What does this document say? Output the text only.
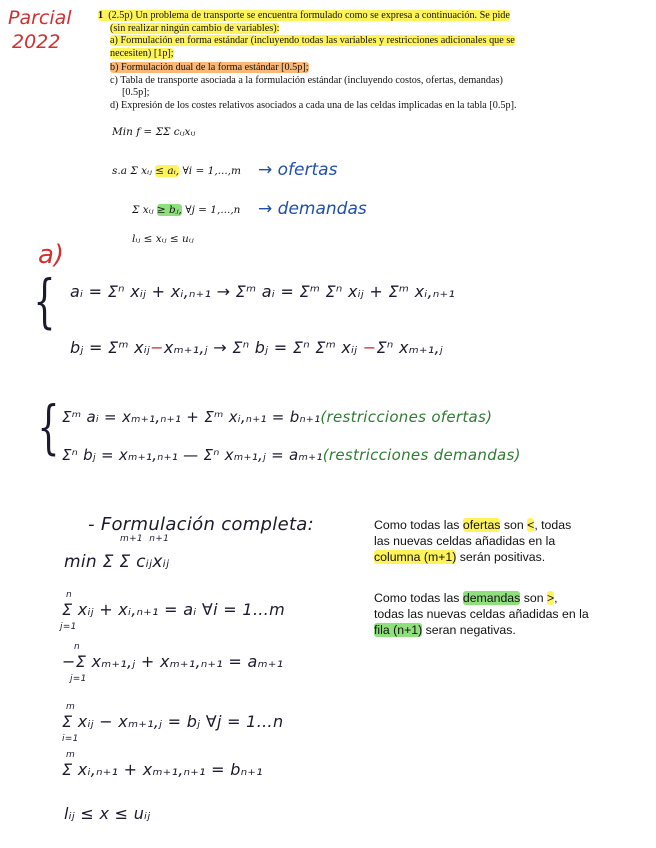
Parcial
2022
1 (2.5p) Un problema de transporte se encuentra formulado como se expresa a continuación. Se pide
(sin realizar ningún cambio de variables):
a) Formulación en forma estándar (incluyendo todas las variables y restricciones adicionales que se
necesiten) [1p];
b) Formulación dual de la forma estándar [0.5p];
c) Tabla de transporte asociada a la formulación estándar (incluyendo costos, ofertas, demandas)
[0.5p];
d) Expresión de los costes relativos asociados a cada una de las celdas implicadas en la tabla [0.5p].
Min f = ΣΣ cᵢⱼxᵢⱼ
s.a Σ xᵢⱼ ≤ aᵢ, ∀i = 1,...,m → ofertas
Σ xᵢⱼ ≥ bⱼ, ∀j = 1,...,n → demandas
lᵢⱼ ≤ xᵢⱼ ≤ uᵢⱼ
a)
{ aᵢ = Σⁿ xᵢⱼ + xᵢ,ₙ₊₁ → Σᵐ aᵢ = Σᵐ Σⁿ xᵢⱼ + Σᵐ xᵢ,ₙ₊₁
bⱼ = Σᵐ xᵢⱼ−xₘ₊₁,ⱼ → Σⁿ bⱼ = Σⁿ Σᵐ xᵢⱼ −Σⁿ xₘ₊₁,ⱼ
{ Σᵐ aᵢ = xₘ₊₁,ₙ₊₁ + Σᵐ xᵢ,ₙ₊₁ = bₙ₊₁(restricciones ofertas)
Σⁿ bⱼ = xₘ₊₁,ₙ₊₁ — Σⁿ xₘ₊₁,ⱼ = aₘ₊₁(restricciones demandas)
- Formulación completa:
m+1 n+1
min Σ Σ cᵢⱼxᵢⱼ
n
Σ xᵢⱼ + xᵢ,ₙ₊₁ = aᵢ ∀i = 1…m
j=1
n
−Σ xₘ₊₁,ⱼ + xₘ₊₁,ₙ₊₁ = aₘ₊₁
j=1
m
Σ xᵢⱼ − xₘ₊₁,ⱼ = bⱼ ∀j = 1…n
i=1
m
Σ xᵢ,ₙ₊₁ + xₘ₊₁,ₙ₊₁ = bₙ₊₁
lᵢⱼ ≤ x ≤ uᵢⱼ
Como todas las ofertas son <, todas
las nuevas celdas añadidas en la
columna (m+1) serán positivas.
Como todas las demandas son >,
todas las nuevas celdas añadidas en la
fila (n+1) seran negativas.
